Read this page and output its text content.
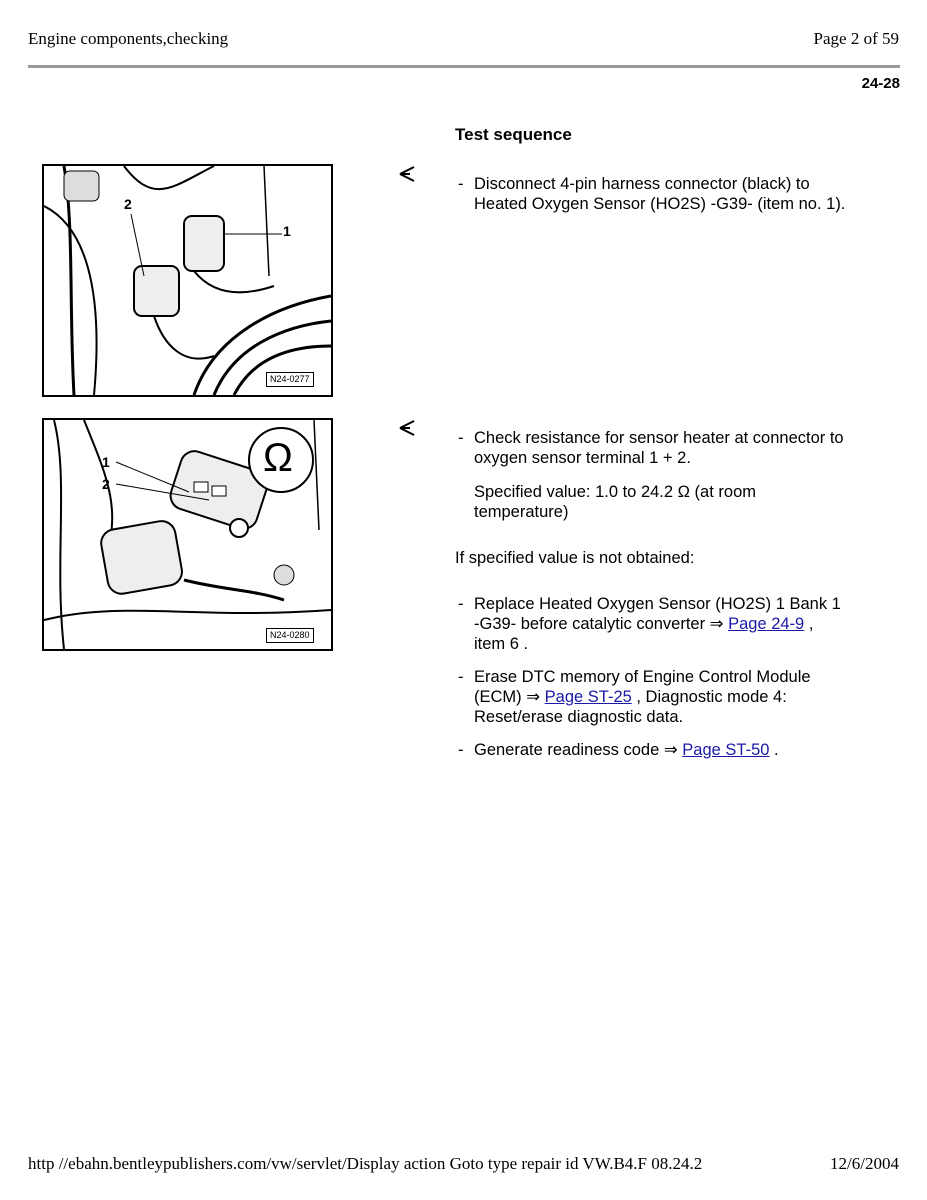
Engine components,checking	Page 2 of 59
24-28
Test sequence
2
1
N24-0277
1
2
Ω
N24-0280
- Disconnect 4-pin harness connector (black) to
Heated Oxygen Sensor (HO2S) -G39- (item no. 1).
- Check resistance for sensor heater at connector to
oxygen sensor terminal 1 + 2.
Specified value: 1.0 to 24.2 Ω (at room
temperature)
If specified value is not obtained:
- Replace Heated Oxygen Sensor (HO2S) 1 Bank 1
-G39- before catalytic converter ⇒ Page 24-9 ,
item 6 .
- Erase DTC memory of Engine Control Module
(ECM) ⇒ Page ST-25 , Diagnostic mode 4:
Reset/erase diagnostic data.
- Generate readiness code ⇒ Page ST-50 .
http //ebahn.bentleypublishers.com/vw/servlet/Display action Goto type repair id VW.B4.F 08.24.2	12/6/2004
